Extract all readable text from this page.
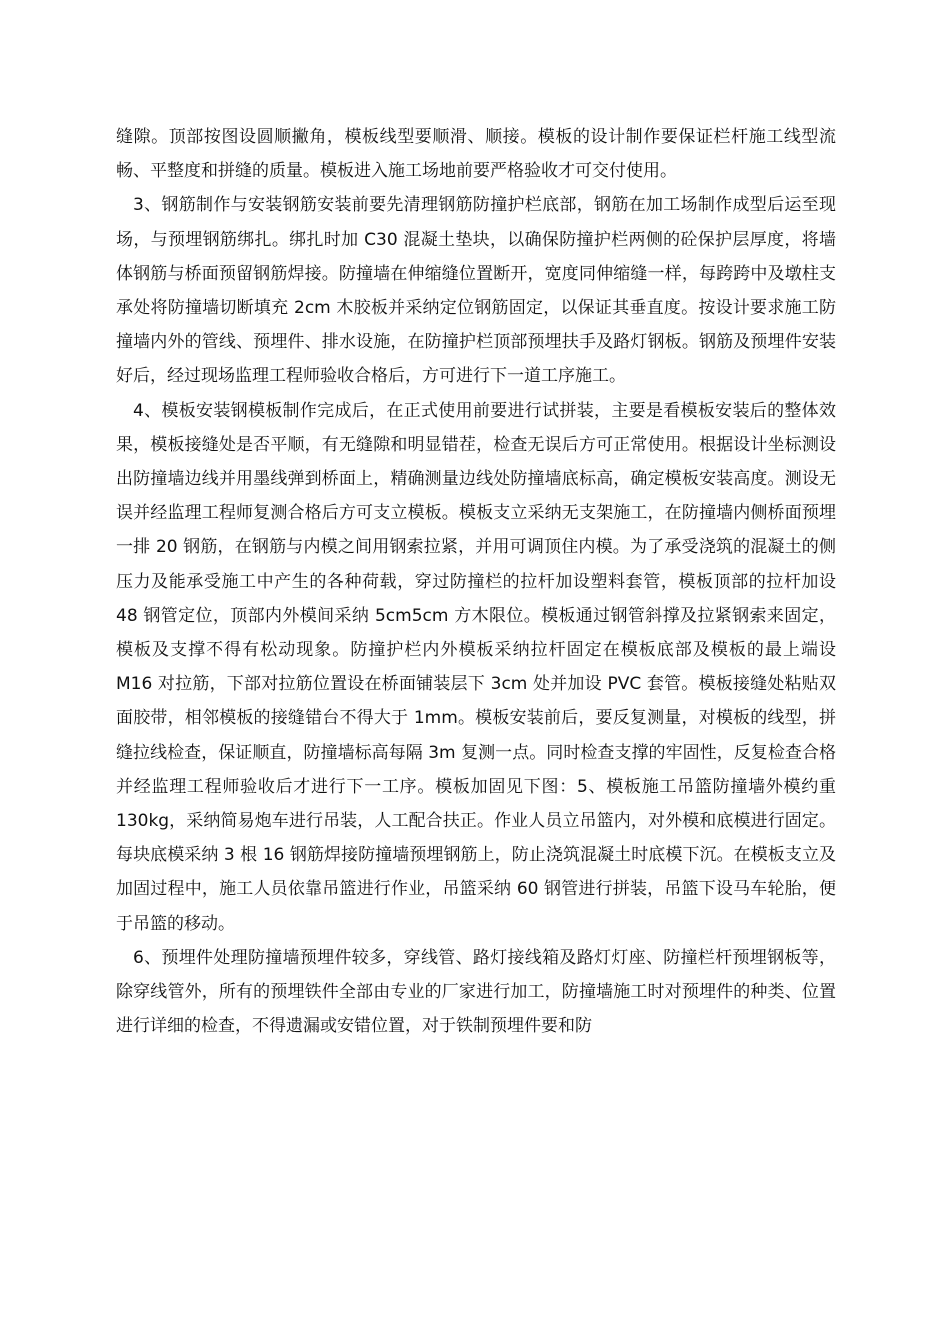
缝隙。顶部按图设圆顺撇角，模板线型要顺滑、顺接。模板的设计制作要保证栏杆施工线型流畅、平整度和拼缝的质量。模板进入施工场地前要严格验收才可交付使用。

3、钢筋制作与安装钢筋安装前要先清理钢筋防撞护栏底部，钢筋在加工场制作成型后运至现场，与预埋钢筋绑扎。绑扎时加 C30 混凝土垫块，以确保防撞护栏两侧的砼保护层厚度，将墙体钢筋与桥面预留钢筋焊接。防撞墙在伸缩缝位置断开，宽度同伸缩缝一样，每跨跨中及墩柱支承处将防撞墙切断填充 2cm 木胶板并采纳定位钢筋固定，以保证其垂直度。按设计要求施工防撞墙内外的管线、预埋件、排水设施，在防撞护栏顶部预埋扶手及路灯钢板。钢筋及预埋件安装好后，经过现场监理工程师验收合格后，方可进行下一道工序施工。

4、模板安装钢模板制作完成后，在正式使用前要进行试拼装，主要是看模板安装后的整体效果，模板接缝处是否平顺，有无缝隙和明显错茬，检查无误后方可正常使用。根据设计坐标测设出防撞墙边线并用墨线弹到桥面上，精确测量边线处防撞墙底标高，确定模板安装高度。测设无误并经监理工程师复测合格后方可支立模板。模板支立采纳无支架施工，在防撞墙内侧桥面预埋一排 20 钢筋，在钢筋与内模之间用钢索拉紧，并用可调顶住内模。为了承受浇筑的混凝土的侧压力及能承受施工中产生的各种荷载，穿过防撞栏的拉杆加设塑料套管，模板顶部的拉杆加设 48 钢管定位，顶部内外模间采纳 5cm5cm 方木限位。模板通过钢管斜撑及拉紧钢索来固定，模板及支撑不得有松动现象。防撞护栏内外模板采纳拉杆固定在模板底部及模板的最上端设 M16 对拉筋，下部对拉筋位置设在桥面铺装层下 3cm 处并加设 PVC 套管。模板接缝处粘贴双面胶带，相邻模板的接缝错台不得大于 1mm。模板安装前后，要反复测量，对模板的线型，拼缝拉线检查，保证顺直，防撞墙标高每隔 3m 复测一点。同时检查支撑的牢固性，反复检查合格并经监理工程师验收后才进行下一工序。模板加固见下图：5、模板施工吊篮防撞墙外模约重 130kg，采纳简易炮车进行吊装，人工配合扶正。作业人员立吊篮内，对外模和底模进行固定。每块底模采纳 3 根 16 钢筋焊接防撞墙预埋钢筋上，防止浇筑混凝土时底模下沉。在模板支立及加固过程中，施工人员依靠吊篮进行作业，吊篮采纳 60 钢管进行拼装，吊篮下设马车轮胎，便于吊篮的移动。

6、预埋件处理防撞墙预埋件较多，穿线管、路灯接线箱及路灯灯座、防撞栏杆预埋钢板等，除穿线管外，所有的预埋铁件全部由专业的厂家进行加工，防撞墙施工时对预埋件的种类、位置进行详细的检查，不得遗漏或安错位置，对于铁制预埋件要和防
